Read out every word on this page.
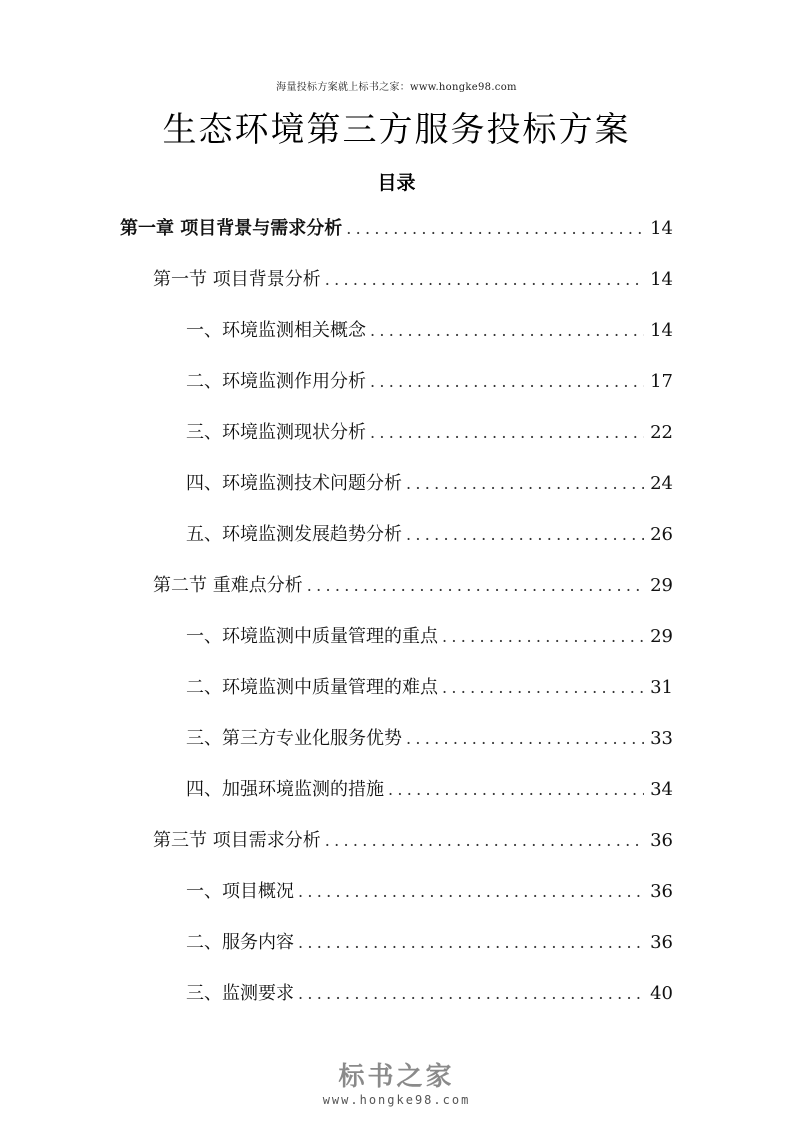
海量投标方案就上标书之家：www.hongke98.com
生态环境第三方服务投标方案
目录
第一章 项目背景与需求分析 .....	14
第一节 项目背景分析 .....	14
一、环境监测相关概念 .....	14
二、环境监测作用分析 .....	17
三、环境监测现状分析 .....	22
四、环境监测技术问题分析 .....	24
五、环境监测发展趋势分析 .....	26
第二节 重难点分析 .....	29
一、环境监测中质量管理的重点 .....	29
二、环境监测中质量管理的难点 .....	31
三、第三方专业化服务优势 .....	33
四、加强环境监测的措施 .....	34
第三节 项目需求分析 .....	36
一、项目概况 .....	36
二、服务内容 .....	36
三、监测要求 .....	40
标书之家
www.hongke98.com
